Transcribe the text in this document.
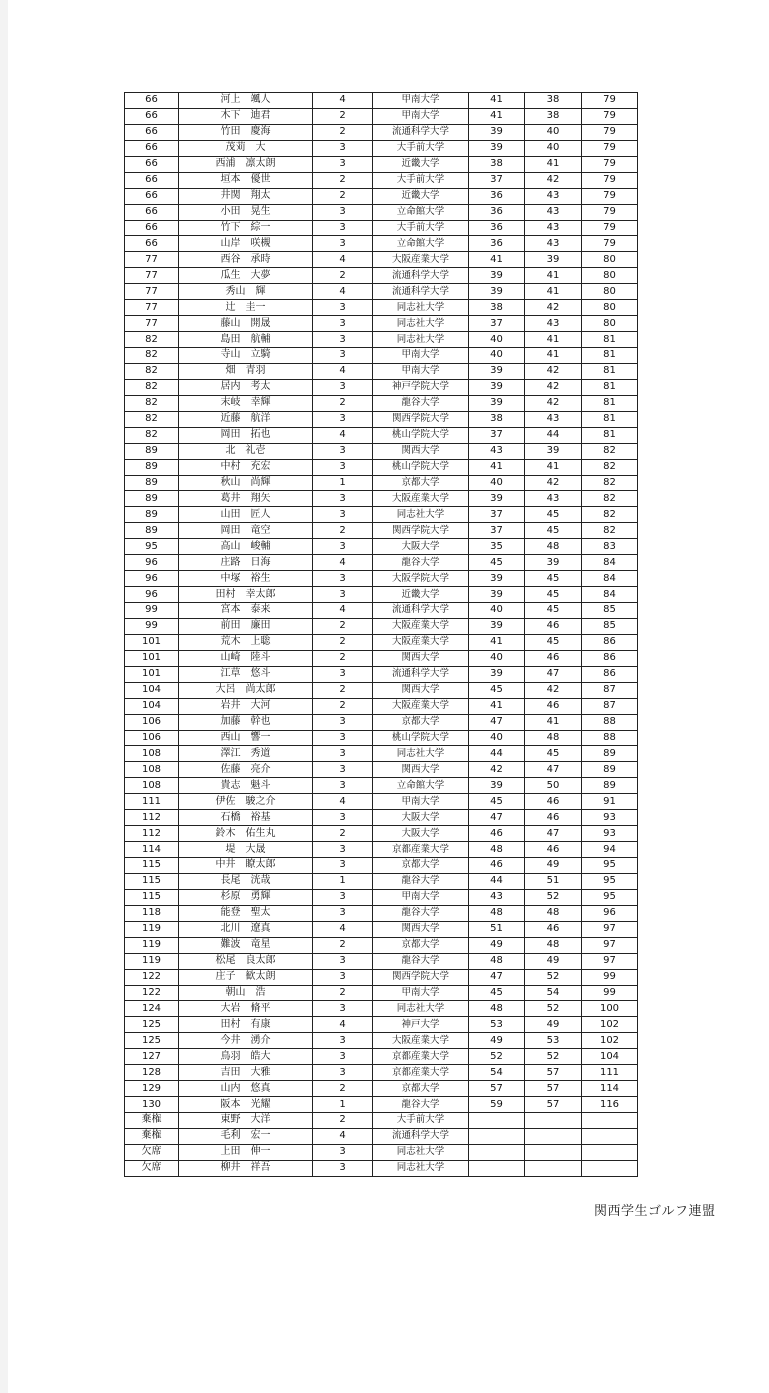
66	河上　颯人	4	甲南大学	41	38	79
66	木下　迪君	2	甲南大学	41	38	79
66	竹田　慶海	2	流通科学大学	39	40	79
66	茂苅　大	3	大手前大学	39	40	79
66	西浦　凛太朗	3	近畿大学	38	41	79
66	垣本　優世	2	大手前大学	37	42	79
66	井関　翔太	2	近畿大学	36	43	79
66	小田　晃生	3	立命館大学	36	43	79
66	竹下　綜一	3	大手前大学	36	43	79
66	山岸　咲槻	3	立命館大学	36	43	79
77	西谷　承時	4	大阪産業大学	41	39	80
77	瓜生　大夢	2	流通科学大学	39	41	80
77	秀山　輝	4	流通科学大学	39	41	80
77	辻　圭一	3	同志社大学	38	42	80
77	藤山　開晟	3	同志社大学	37	43	80
82	島田　航輔	3	同志社大学	40	41	81
82	寺山　立騎	3	甲南大学	40	41	81
82	畑　青羽	4	甲南大学	39	42	81
82	居内　考太	3	神戸学院大学	39	42	81
82	末岐　幸輝	2	龍谷大学	39	42	81
82	近藤　航洋	3	関西学院大学	38	43	81
82	岡田　拓也	4	桃山学院大学	37	44	81
89	北　礼壱	3	関西大学	43	39	82
89	中村　充宏	3	桃山学院大学	41	41	82
89	秋山　尚輝	1	京都大学	40	42	82
89	葛井　翔矢	3	大阪産業大学	39	43	82
89	山田　匠人	3	同志社大学	37	45	82
89	岡田　竜空	2	関西学院大学	37	45	82
95	高山　峻輔	3	大阪大学	35	48	83
96	庄路　日海	4	龍谷大学	45	39	84
96	中塚　裕生	3	大阪学院大学	39	45	84
96	田村　幸太郎	3	近畿大学	39	45	84
99	宮本　泰来	4	流通科学大学	40	45	85
99	前田　廉田	2	大阪産業大学	39	46	85
101	荒木　上聡	2	大阪産業大学	41	45	86
101	山崎　陸斗	2	関西大学	40	46	86
101	江草　悠斗	3	流通科学大学	39	47	86
104	大呂　尚太郎	2	関西大学	45	42	87
104	岩井　大河	2	大阪産業大学	41	46	87
106	加藤　幹也	3	京都大学	47	41	88
106	西山　響一	3	桃山学院大学	40	48	88
108	澤江　秀道	3	同志社大学	44	45	89
108	佐藤　亮介	3	関西大学	42	47	89
108	貴志　魁斗	3	立命館大学	39	50	89
111	伊佐　駿之介	4	甲南大学	45	46	91
112	石橋　裕基	3	大阪大学	47	46	93
112	鈴木　佑生丸	2	大阪大学	46	47	93
114	堤　大晟	3	京都産業大学	48	46	94
115	中井　瞭太郎	3	京都大学	46	49	95
115	長尾　洸哉	1	龍谷大学	44	51	95
115	杉原　勇輝	3	甲南大学	43	52	95
118	能登　聖太	3	龍谷大学	48	48	96
119	北川　遼真	4	関西大学	51	46	97
119	難波　竜星	2	京都大学	49	48	97
119	松尾　良太郎	3	龍谷大学	48	49	97
122	庄子　歓太朗	3	関西学院大学	47	52	99
122	朝山　浩	2	甲南大学	45	54	99
124	大岩　脩平	3	同志社大学	48	52	100
125	田村　有康	4	神戸大学	53	49	102
125	今井　湧介	3	大阪産業大学	49	53	102
127	鳥羽　皓大	3	京都産業大学	52	52	104
128	吉田　大雅	3	京都産業大学	54	57	111
129	山内　悠真	2	京都大学	57	57	114
130	阪本　光耀	1	龍谷大学	59	57	116
棄権	東野　大洋	2	大手前大学			
棄権	毛利　宏一	4	流通科学大学			
欠席	上田　伸一	3	同志社大学			
欠席	柳井　祥吾	3	同志社大学			
関西学生ゴルフ連盟
